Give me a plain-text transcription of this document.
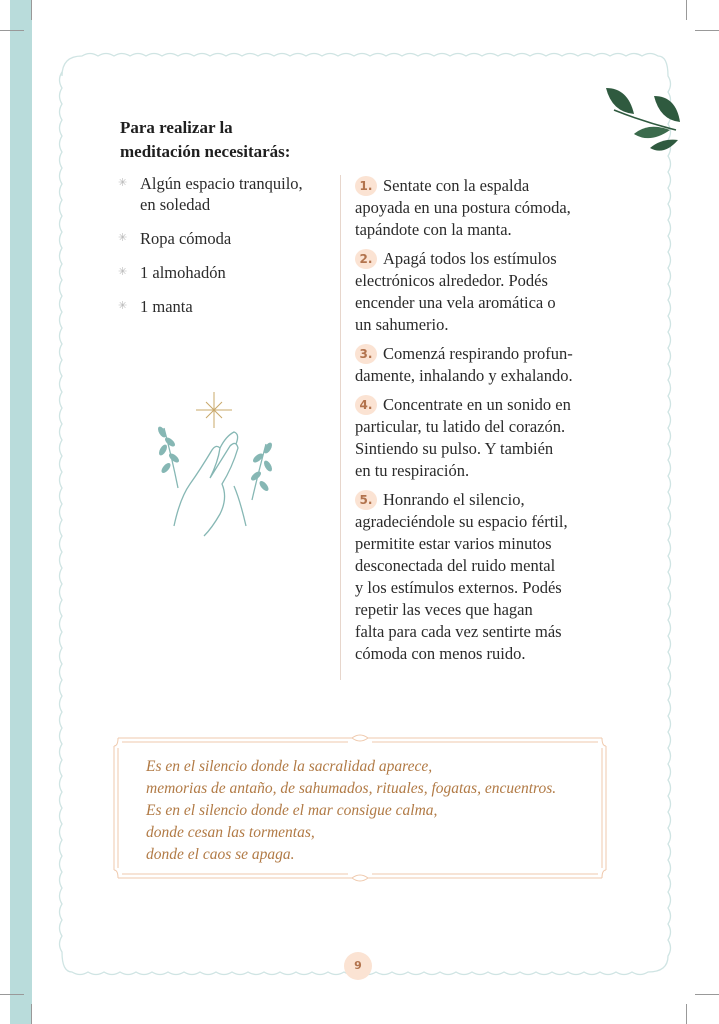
Para realizar la
meditación necesitarás:
✳ Algún espacio tranquilo,
en soledad
✳ Ropa cómoda
✳ 1 almohadón
✳ 1 manta
1. Sentate con la espalda
apoyada en una postura cómoda,
tapándote con la manta.
2. Apagá todos los estímulos
electrónicos alrededor. Podés
encender una vela aromática o
un sahumerio.
3. Comenzá respirando profun-
damente, inhalando y exhalando.
4. Concentrate en un sonido en
particular, tu latido del corazón.
Sintiendo su pulso. Y también
en tu respiración.
5. Honrando el silencio,
agradeciéndole su espacio fértil,
permitite estar varios minutos
desconectada del ruido mental
y los estímulos externos. Podés
repetir las veces que hagan
falta para cada vez sentirte más
cómoda con menos ruido.

Es en el silencio donde la sacralidad aparece,
memorias de antaño, de sahumados, rituales, fogatas, encuentros.
Es en el silencio donde el mar consigue calma,
donde cesan las tormentas,
donde el caos se apaga.

9
